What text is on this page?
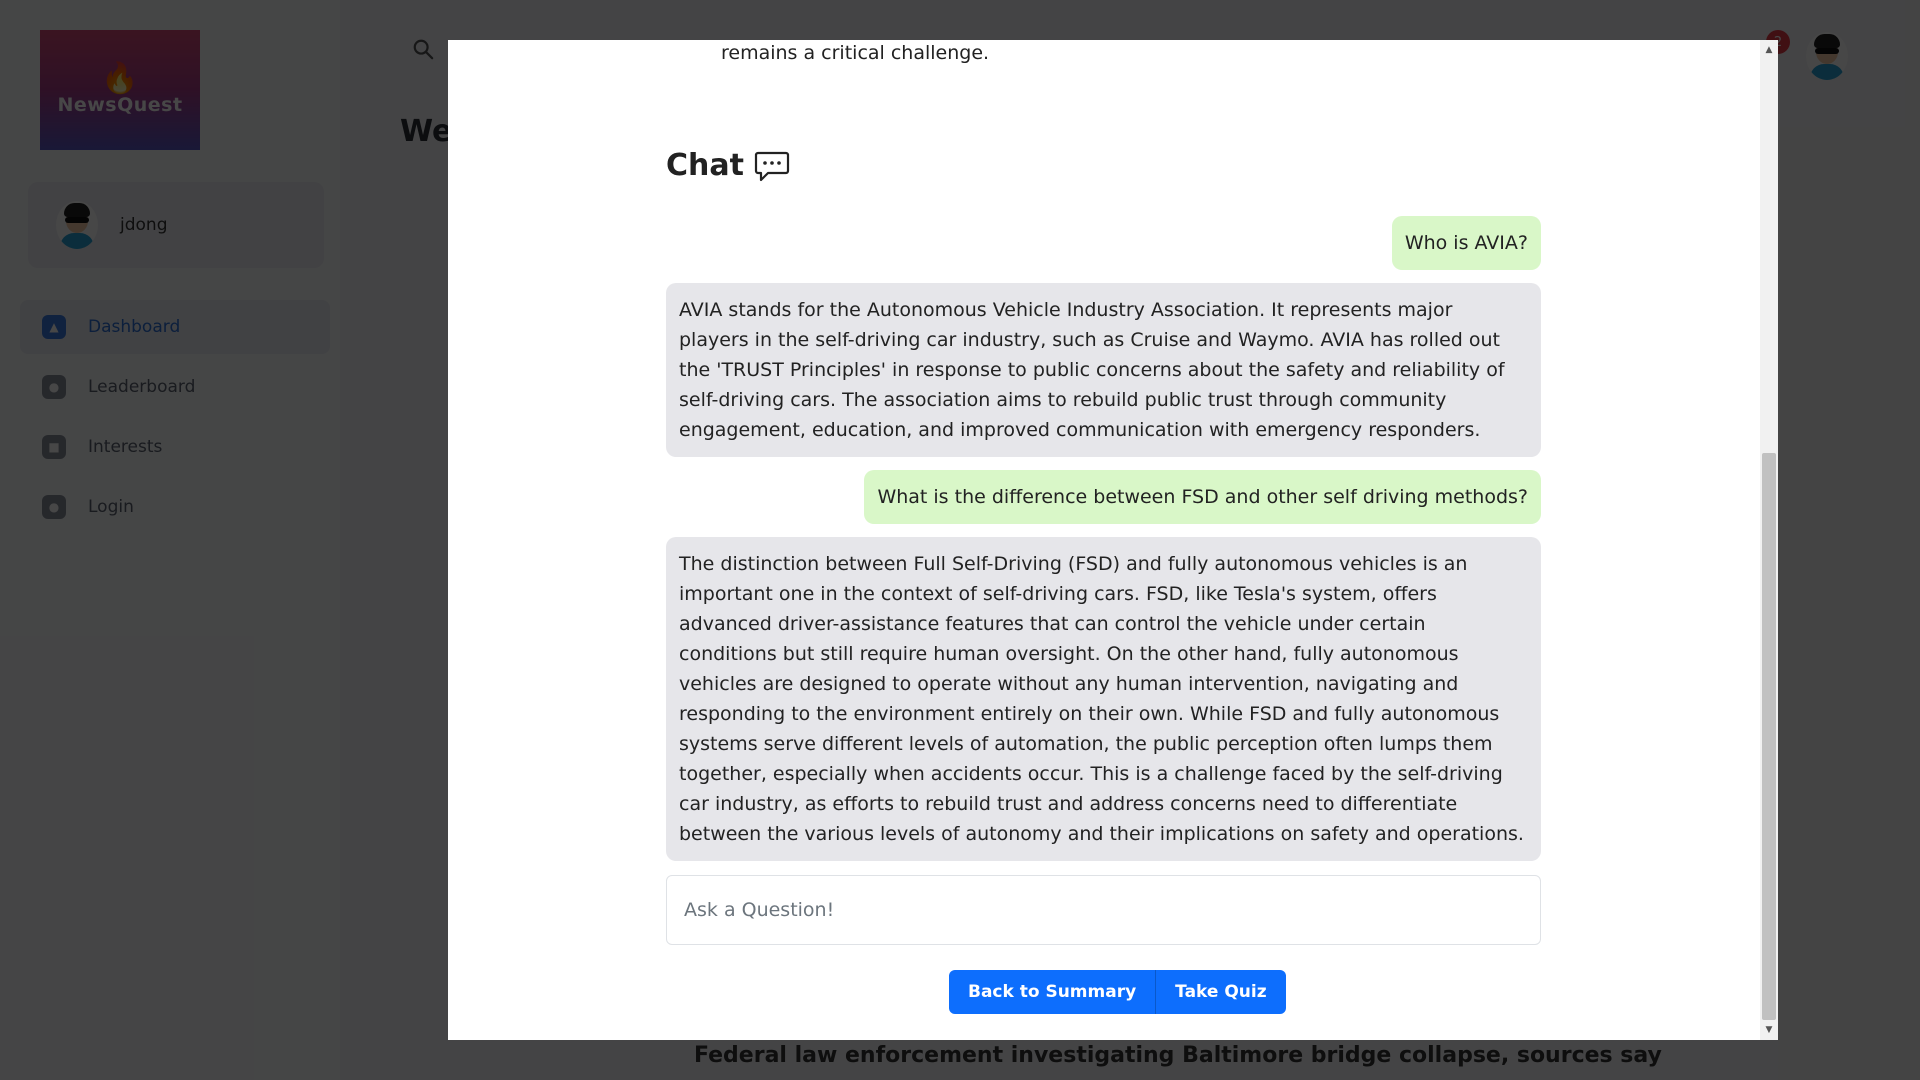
remains a critical challenge.
Chat
Who is AVIA?
AVIA stands for the Autonomous Vehicle Industry Association. It represents major players in the self-driving car industry, such as Cruise and Waymo. AVIA has rolled out the 'TRUST Principles' in response to public concerns about the safety and reliability of self-driving cars. The association aims to rebuild public trust through community engagement, education, and improved communication with emergency responders.
What is the difference between FSD and other self driving methods?
The distinction between Full Self-Driving (FSD) and fully autonomous vehicles is an important one in the context of self-driving cars. FSD, like Tesla's system, offers advanced driver-assistance features that can control the vehicle under certain conditions but still require human oversight. On the other hand, fully autonomous vehicles are designed to operate without any human intervention, navigating and responding to the environment entirely on their own. While FSD and fully autonomous systems serve different levels of automation, the public perception often lumps them together, especially when accidents occur. This is a challenge faced by the self-driving car industry, as efforts to rebuild trust and address concerns need to differentiate between the various levels of autonomy and their implications on safety and operations.
Ask a Question!
Back to Summary	Take Quiz
▲
▼
